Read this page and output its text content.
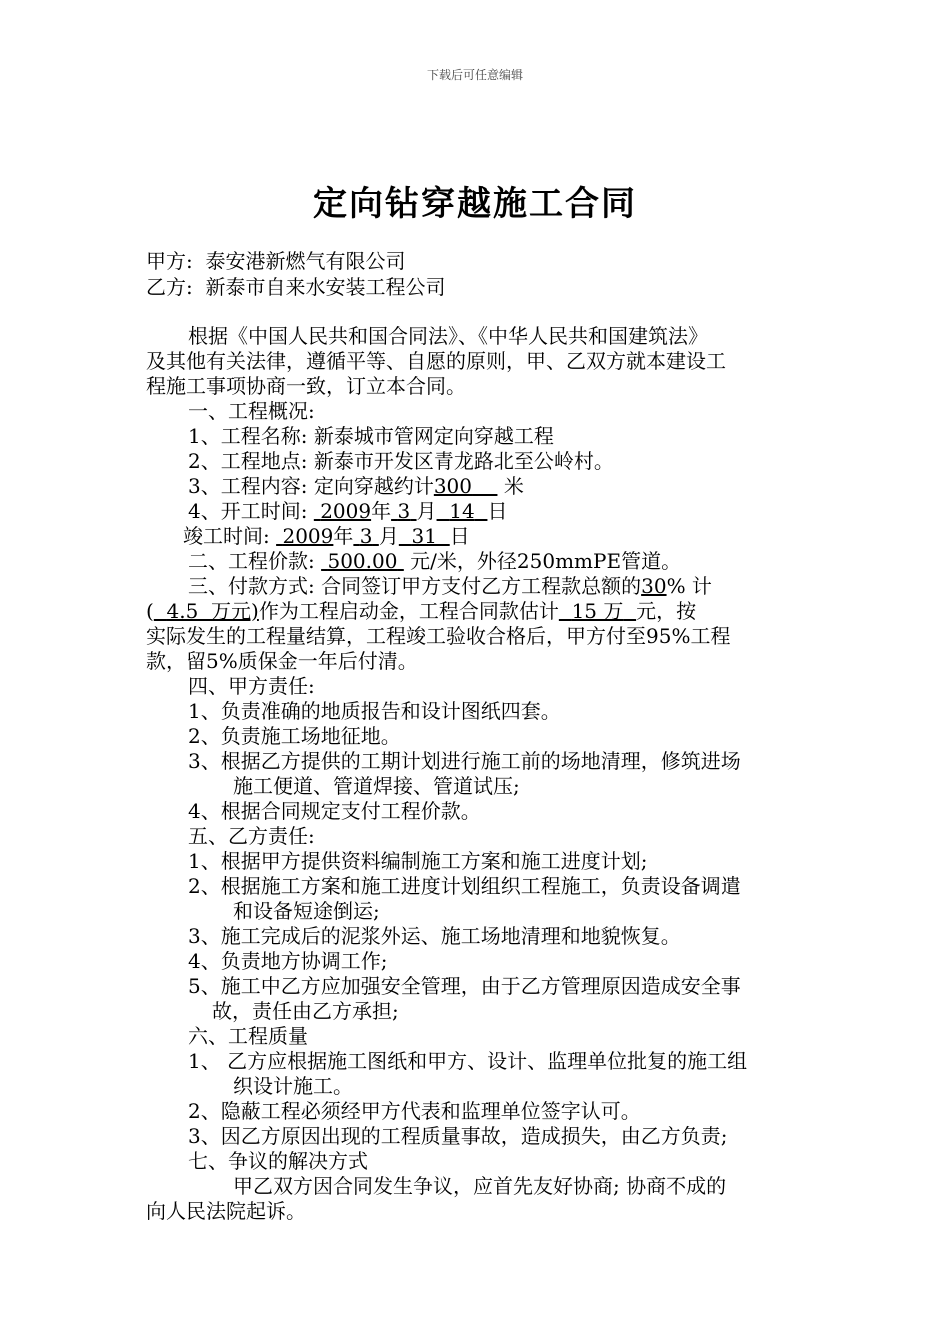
下载后可任意编辑
定向钻穿越施工合同
甲方: 泰安港新燃气有限公司
乙方: 新泰市自来水安装工程公司
根据《中国人民共和国合同法》、《中华人民共和国建筑法》
及其他有关法律，遵循平等、自愿的原则，甲、乙双方就本建设工
程施工事项协商一致，订立本合同。
一、工程概况:
1、工程名称: 新泰城市管网定向穿越工程
2、工程地点: 新泰市开发区青龙路北至公岭村。
3、工程内容: 定向穿越约计300 米
4、开工时间: 2009年 3 月 14 日
竣工时间: 2009年 3 月 31 日
二、工程价款: 500.00 元/米，外径250mmPE管道。
三、付款方式: 合同签订甲方支付乙方工程款总额的30% 计
( 4.5  万元)作为工程启动金，工程合同款估计 15 万 元，按
实际发生的工程量结算，工程竣工验收合格后，甲方付至95%工程
款，留5%质保金一年后付清。
四、甲方责任:
1、负责准确的地质报告和设计图纸四套。
2、负责施工场地征地。
3、根据乙方提供的工期计划进行施工前的场地清理，修筑进场
施工便道、管道焊接、管道试压;
4、根据合同规定支付工程价款。
五、乙方责任:
1、根据甲方提供资料编制施工方案和施工进度计划;
2、根据施工方案和施工进度计划组织工程施工，负责设备调遣
和设备短途倒运;
3、施工完成后的泥浆外运、施工场地清理和地貌恢复。
4、负责地方协调工作;
5、施工中乙方应加强安全管理，由于乙方管理原因造成安全事
故，责任由乙方承担;
六、工程质量
1、 乙方应根据施工图纸和甲方、设计、监理单位批复的施工组
织设计施工。
2、隐蔽工程必须经甲方代表和监理单位签字认可。
3、因乙方原因出现的工程质量事故，造成损失，由乙方负责;
七、争议的解决方式
甲乙双方因合同发生争议，应首先友好协商; 协商不成的
向人民法院起诉。
